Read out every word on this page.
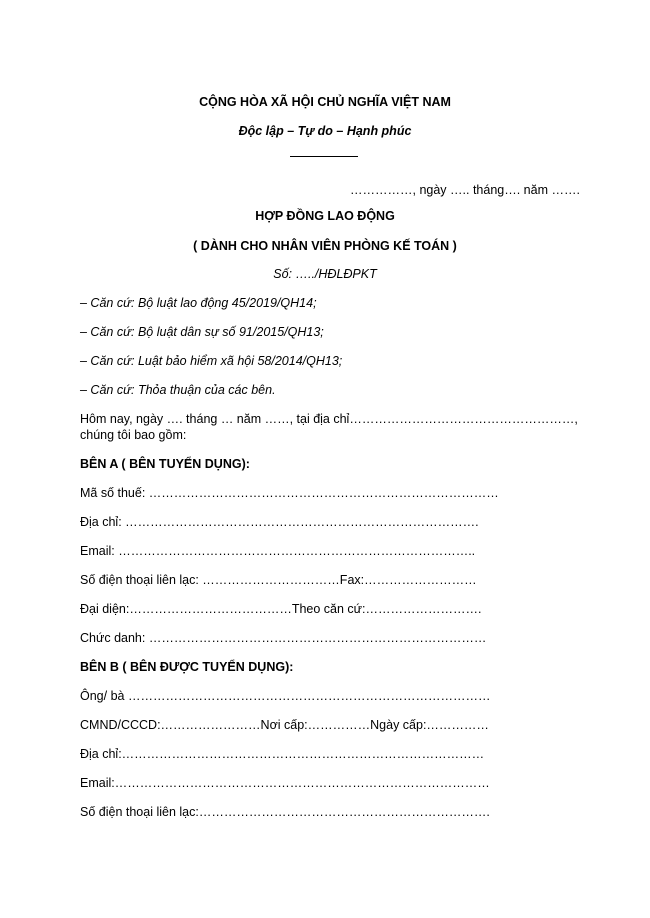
CỘNG HÒA XÃ HỘI CHỦ NGHĨA VIỆT NAM
Độc lập – Tự do – Hạnh phúc
……………, ngày ….. tháng…. năm …….
HỢP ĐỒNG LAO ĐỘNG
( DÀNH CHO NHÂN VIÊN PHÒNG KẾ TOÁN )
Số: …../HĐLĐPKT
– Căn cứ: Bộ luật lao động 45/2019/QH14;
– Căn cứ: Bộ luật dân sự số 91/2015/QH13;
– Căn cứ: Luật bảo hiểm xã hội 58/2014/QH13;
– Căn cứ: Thỏa thuận của các bên.
Hôm nay, ngày …. tháng … năm ……, tại địa chỉ………………………………………………,
chúng tôi bao gồm:
BÊN A ( BÊN TUYỂN DỤNG):
Mã số thuế: …………………………………………………………………………
Địa chỉ: ………………………………………………………………………….
Email: …………………………………………………………………………..
Số điện thoại liên lạc: ……………………………Fax:………………………
Đại diện:…………………………………Theo căn cứ:……………………….
Chức danh: ………………………………………………………………………
BÊN B ( BÊN ĐƯỢC TUYỂN DỤNG):
Ông/ bà ……………………………………………………………………………
CMND/CCCD:……………………Nơi cấp:……………Ngày cấp:……………
Địa chỉ:……………………………………………………………………………
Email:………………………………………………………………………………
Số điện thoại liên lạc:…………………………………………………………….
